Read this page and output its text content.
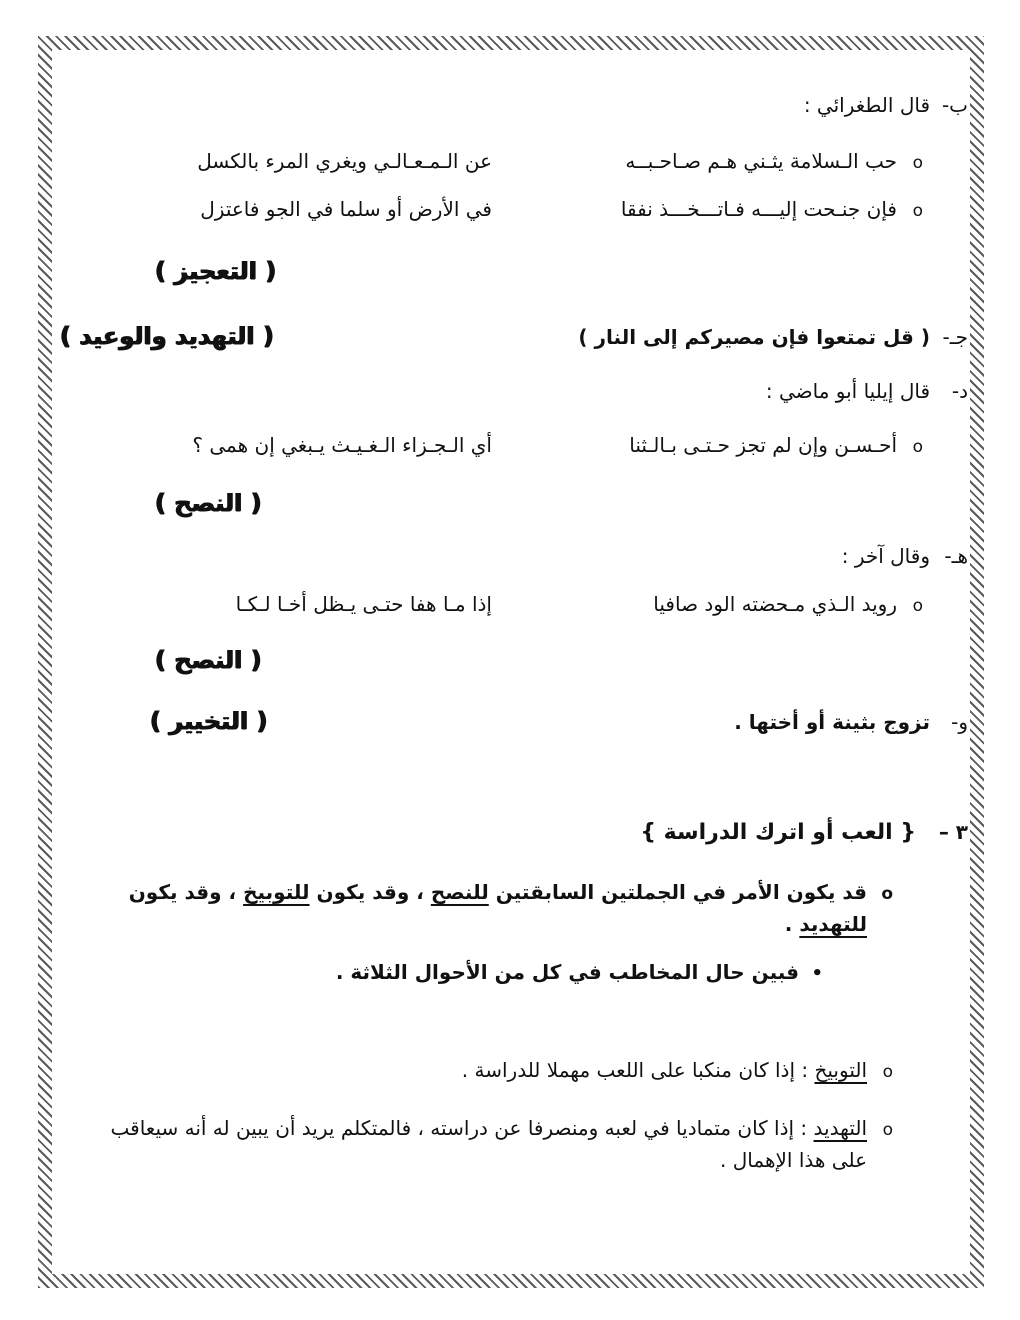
ب-
قال الطغرائي :
o
حب الـسلامة يثـني هـم صـاحـبــه
عن الـمـعـالـي ويغري المرء بالكسل
o
فإن جنـحت إليـــه فـاتـــخـــذ نفقا
في الأرض أو سلما في الجو فاعتزل
( التعجيز )
جـ-
( قل تمتعوا فإن مصيركم إلى النار )
( التهديد والوعيد )
د-
قال إيليا أبو ماضي :
o
أحـسـن وإن لم تجز حـتـى بـالـثنا
أي الـجـزاء الـغـيـث يـبغي إن همى ؟
( النصح )
هـ-
وقال آخر :
o
رويد الـذي مـحضته الود صافيا
إذا مـا هفا حتـى يـظل أخـا لـكـا
( النصح )
و-
تزوج بثينة أو أختها .
( التخيير )
٣ –
{ العب أو اترك الدراسة }
o
قد يكون الأمر في الجملتين السابقتين للنصح ، وقد يكون للتوبيخ ، وقد يكون للتهديد .
•
فبين حال المخاطب في كل من الأحوال الثلاثة .
o
التوبيخ : إذا كان منكبا على اللعب مهملا للدراسة .
o
التهديد : إذا كان متماديا في لعبه ومنصرفا عن دراسته ، فالمتكلم يريد أن يبين له أنه سيعاقب على هذا الإهمال .
